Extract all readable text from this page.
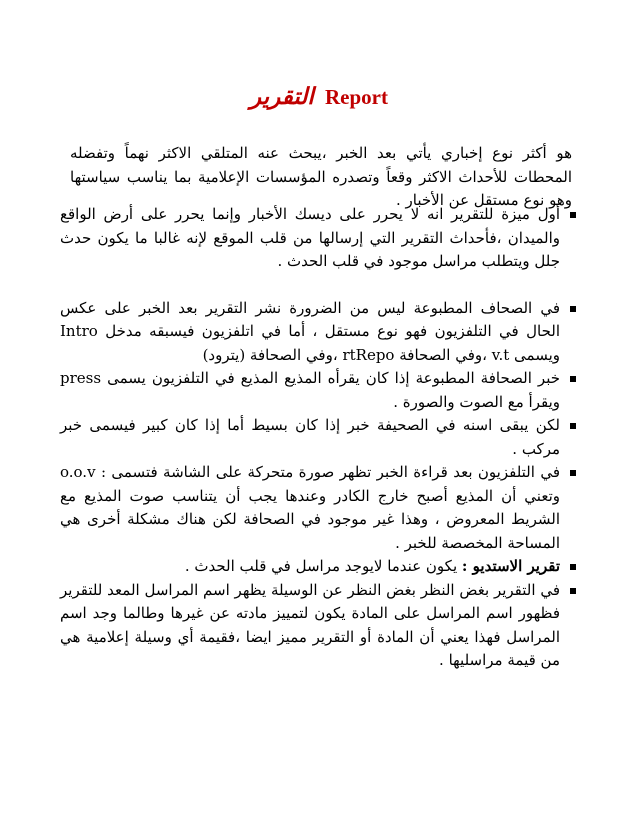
التقرير Report

هو أكثر نوع إخباري يأتي بعد الخبر ،يبحث عنه المتلقي الاكثر نهماً وتفضله المحطات للأحداث الاكثر وقعاً وتصدره المؤسسات الإعلامية بما يناسب سياستها وهو نوع مستقل عن الأخبار .

أول ميزة للتقرير انه لا يحرر على ديسك الأخبار وإنما يحرر على أرض الواقع والميدان ،فأحداث التقرير التي إرسالها من قلب الموقع لإنه غالبا ما يكون حدث جلل ويتطلب مراسل موجود في قلب الحدث .
في الصحاف المطبوعة ليس من الضرورة نشر التقرير بعد الخبر على عكس الحال في التلفزيون فهو نوع مستقل ، أما في اتلفزيون فيسبقه مدخل Intro ويسمى v.t ،وفي الصحافة rtRepo ،وفي الصحافة (يترود)
خبر الصحافة المطبوعة إذا كان يقرأه المذيع المذيع في التلفزيون يسمى press ويقرأ مع الصوت والصورة .
لكن يبقى اسنه في الصحيفة خبر إذا كان بسيط أما إذا كان كبير فيسمى خبر مركب .
في التلفزيون بعد قراءة الخبر تظهر صورة متحركة على الشاشة فتسمى : o.o.v وتعني أن المذيع أصبح خارج الكادر وعندها يجب أن يتناسب صوت المذيع مع الشريط المعروض ، وهذا غير موجود في الصحافة لكن هناك مشكلة أخرى هي المساحة المخصصة للخبر .
تقرير الاستديو : يكون عندما لايوجد مراسل في قلب الحدث .
في التقرير بغض النظر بغض النظر عن الوسيلة يظهر اسم المراسل المعد للتقرير فظهور اسم المراسل على المادة يكون لتمييز مادته عن غيرها وطالما وجد اسم المراسل فهذا يعني أن المادة أو التقرير مميز ايضا ،فقيمة أي وسيلة إعلامية هي من قيمة مراسليها .
